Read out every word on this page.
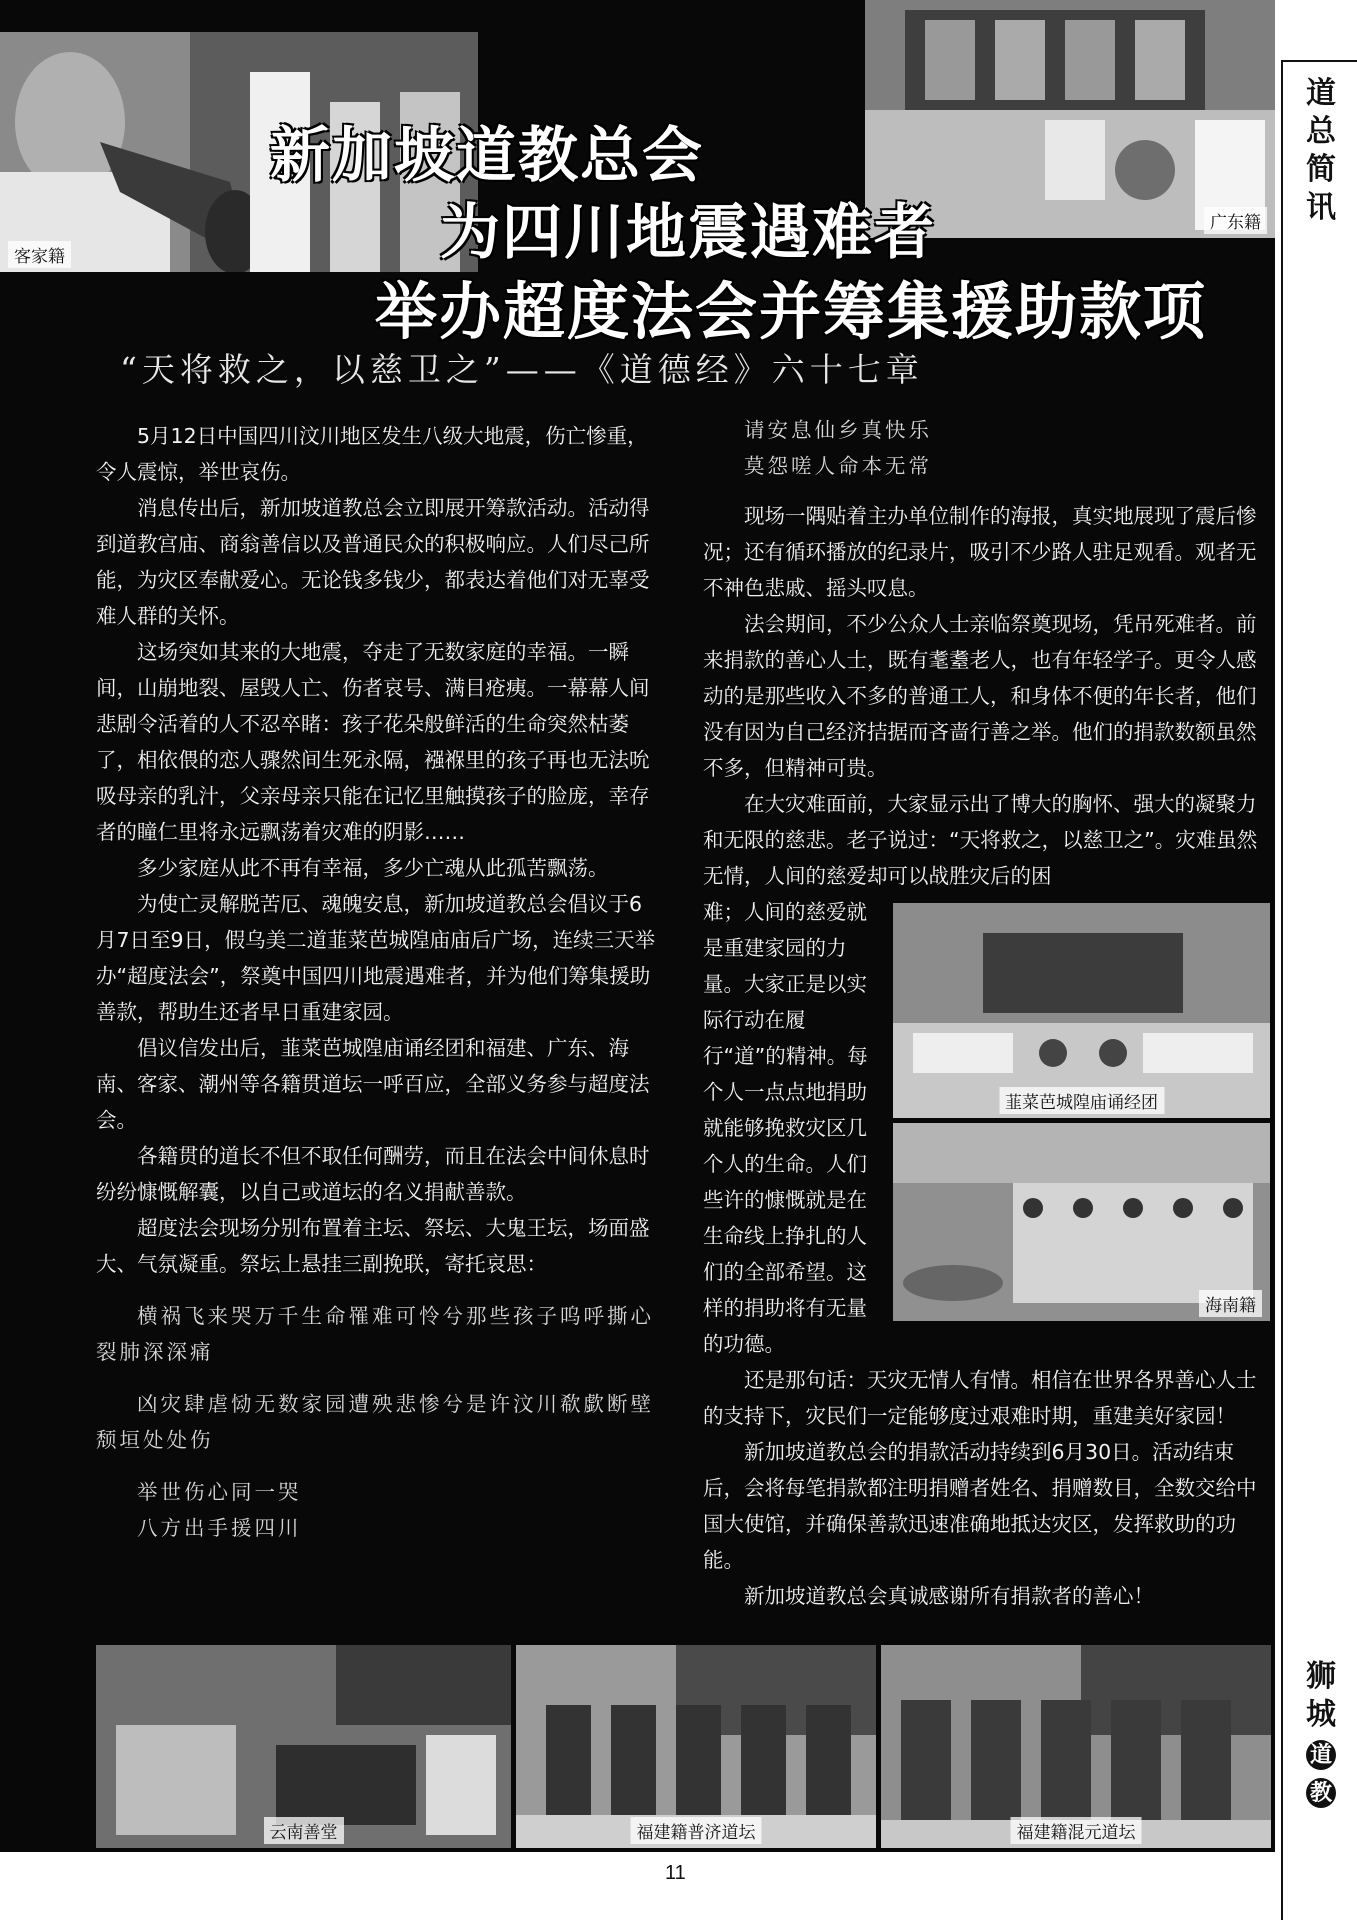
客家籍
广东籍
新加坡道教总会
为四川地震遇难者
举办超度法会并筹集援助款项
“天将救之，以慈卫之”——《道德经》六十七章

5月12日中国四川汶川地区发生八级大地震，伤亡惨重，令人震惊，举世哀伤。

消息传出后，新加坡道教总会立即展开筹款活动。活动得到道教宫庙、商翁善信以及普通民众的积极响应。人们尽己所能，为灾区奉献爱心。无论钱多钱少，都表达着他们对无辜受难人群的关怀。

这场突如其来的大地震，夺走了无数家庭的幸福。一瞬间，山崩地裂、屋毁人亡、伤者哀号、满目疮痍。一幕幕人间悲剧令活着的人不忍卒睹：孩子花朵般鲜活的生命突然枯萎了，相依偎的恋人骤然间生死永隔，襁褓里的孩子再也无法吮吸母亲的乳汁，父亲母亲只能在记忆里触摸孩子的脸庞，幸存者的瞳仁里将永远飘荡着灾难的阴影……

多少家庭从此不再有幸福，多少亡魂从此孤苦飘荡。

为使亡灵解脱苦厄、魂魄安息，新加坡道教总会倡议于6月7日至9日，假乌美二道韮菜芭城隍庙庙后广场，连续三天举办“超度法会”，祭奠中国四川地震遇难者，并为他们筹集援助善款，帮助生还者早日重建家园。

倡议信发出后，韮菜芭城隍庙诵经团和福建、广东、海南、客家、潮州等各籍贯道坛一呼百应，全部义务参与超度法会。

各籍贯的道长不但不取任何酬劳，而且在法会中间休息时纷纷慷慨解囊，以自己或道坛的名义捐献善款。

超度法会现场分别布置着主坛、祭坛、大鬼王坛，场面盛大、气氛凝重。祭坛上悬挂三副挽联，寄托哀思：

横祸飞来哭万千生命罹难可怜兮那些孩子呜呼撕心裂肺深深痛

凶灾肆虐恸无数家园遭殃悲惨兮是许汶川欷歔断壁颓垣处处伤

举世伤心同一哭

八方出手援四川

请安息仙乡真快乐

莫怨嗟人命本无常

现场一隅贴着主办单位制作的海报，真实地展现了震后惨况；还有循环播放的纪录片，吸引不少路人驻足观看。观者无不神色悲戚、摇头叹息。

法会期间，不少公众人士亲临祭奠现场，凭吊死难者。前来捐款的善心人士，既有耄耋老人，也有年轻学子。更令人感动的是那些收入不多的普通工人，和身体不便的年长者，他们没有因为自己经济拮据而吝啬行善之举。他们的捐款数额虽然不多，但精神可贵。

在大灾难面前，大家显示出了博大的胸怀、强大的凝聚力和无限的慈悲。老子说过：“天将救之，以慈卫之”。灾难虽然无情，人间的慈爱却可以战胜灾后的困

难；人间的慈爱就是重建家园的力量。大家正是以实际行动在履行“道”的精神。每个人一点点地捐助就能够挽救灾区几个人的生命。人们些许的慷慨就是在生命线上挣扎的人们的全部希望。这样的捐助将有无量的功德。

还是那句话：天灾无情人有情。相信在世界各界善心人士的支持下，灾民们一定能够度过艰难时期，重建美好家园！

新加坡道教总会的捐款活动持续到6月30日。活动结束后，会将每笔捐款都注明捐赠者姓名、捐赠数目，全数交给中国大使馆，并确保善款迅速准确地抵达灾区，发挥救助的功能。

新加坡道教总会真诚感谢所有捐款者的善心！

韮菜芭城隍庙诵经团
海南籍
云南善堂	福建籍普济道坛	福建籍混元道坛
11
道总简讯
狮城
道 教
